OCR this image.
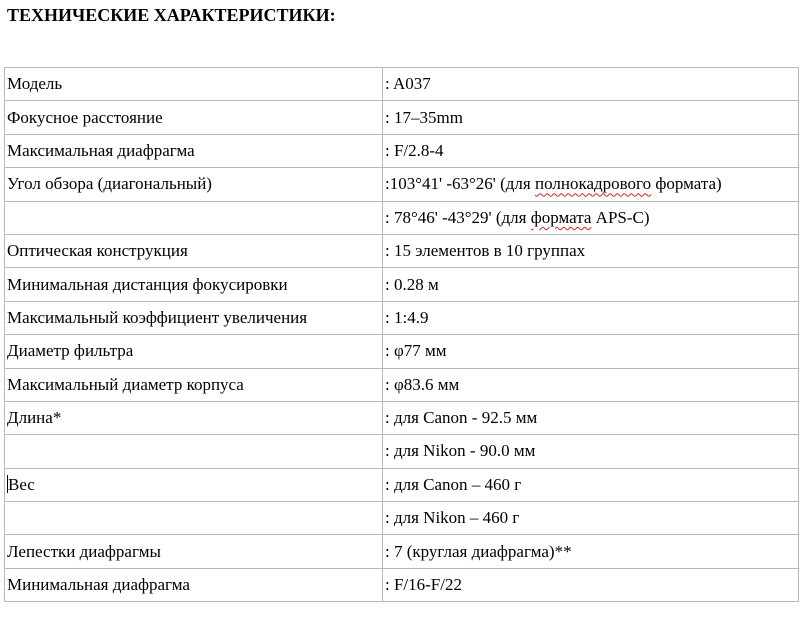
ТЕХНИЧЕСКИЕ ХАРАКТЕРИСТИКИ:
Модель	: A037
Фокусное расстояние	: 17–35mm
Максимальная диафрагма	: F/2.8-4
Угол обзора (диагональный)	:103°41' -63°26' (для полнокадрового формата)
	: 78°46' -43°29' (для формата APS-C)
Оптическая конструкция	: 15 элементов в 10 группах
Минимальная дистанция фокусировки	: 0.28 м
Максимальный коэффициент увеличения	: 1:4.9
Диаметр фильтра	: φ77 мм
Максимальный диаметр корпуса	: φ83.6 мм
Длина*	: для Canon - 92.5 мм
	: для Nikon - 90.0 мм
Вес	: для Canon – 460 г
	: для Nikon – 460 г
Лепестки диафрагмы	: 7 (круглая диафрагма)**
Минимальная диафрагма	: F/16-F/22
